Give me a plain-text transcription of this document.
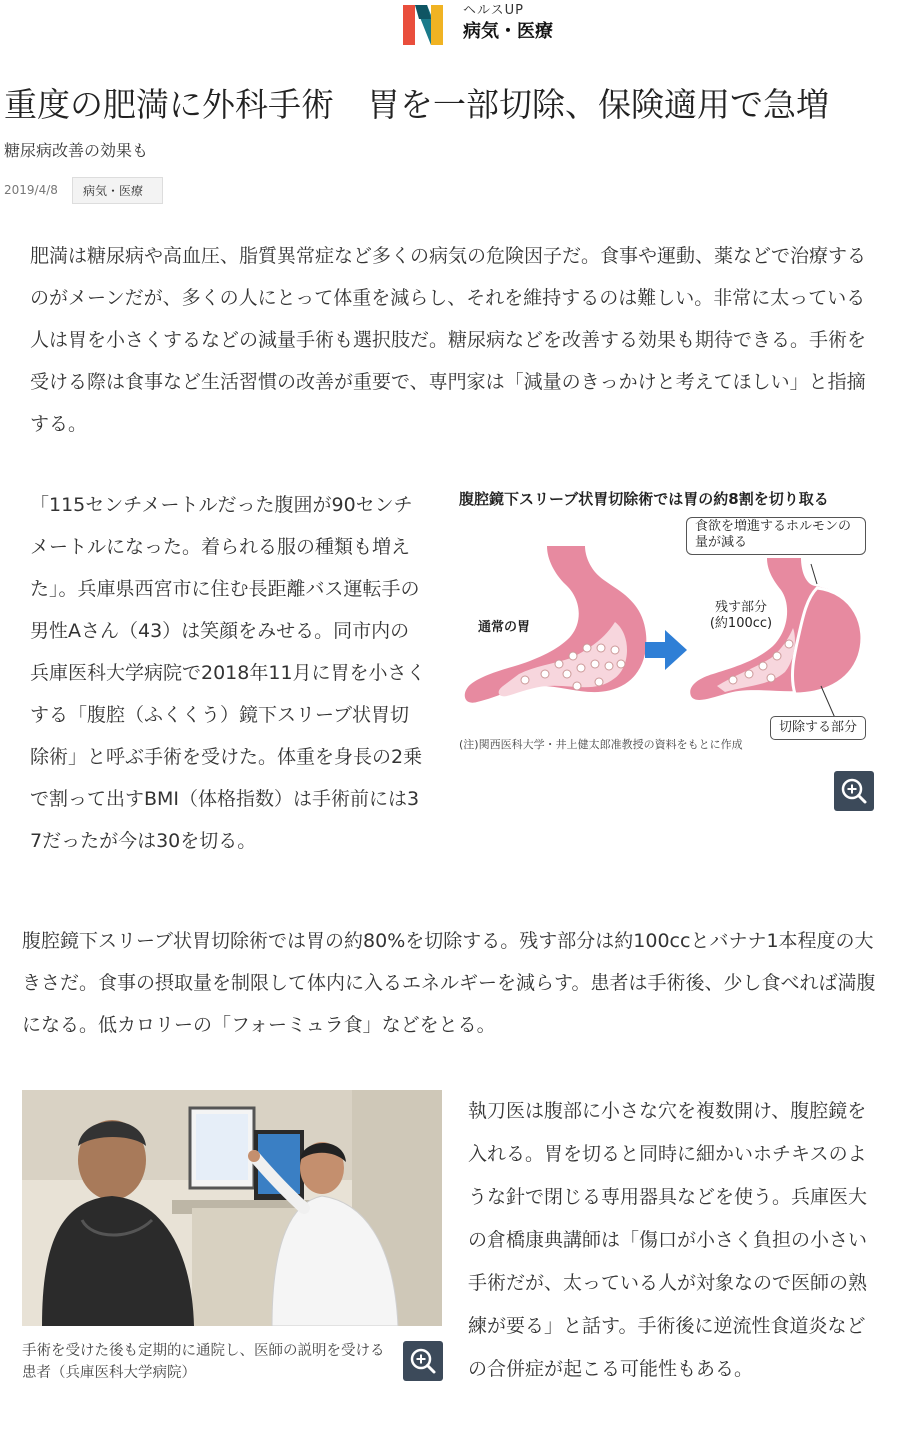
ヘルスUP
病気・医療
重度の肥満に外科手術　胃を一部切除、保険適用で急増
糖尿病改善の効果も
2019/4/8	病気・医療

肥満は糖尿病や高血圧、脂質異常症など多くの病気の危険因子だ。食事や運動、薬などで治療するのがメーンだが、多くの人にとって体重を減らし、それを維持するのは難しい。非常に太っている人は胃を小さくするなどの減量手術も選択肢だ。糖尿病などを改善する効果も期待できる。手術を受ける際は食事など生活習慣の改善が重要で、専門家は「減量のきっかけと考えてほしい」と指摘する。

「115センチメートルだった腹囲が90センチメートルになった。着られる服の種類も増えた」。兵庫県西宮市に住む長距離バス運転手の男性Aさん（43）は笑顔をみせる。同市内の兵庫医科大学病院で2018年11月に胃を小さくする「腹腔（ふくくう）鏡下スリーブ状胃切除術」と呼ぶ手術を受けた。体重を身長の2乗で割って出すBMI（体格指数）は手術前には37だったが今は30を切る。

腹腔鏡下スリーブ状胃切除術では胃の約8割を切り取る
食欲を増進するホルモンの量が減る
通常の胃
残す部分
(約100cc)
切除する部分
(注)関西医科大学・井上健太郎准教授の資料をもとに作成

腹腔鏡下スリーブ状胃切除術では胃の約80%を切除する。残す部分は約100ccとバナナ1本程度の大きさだ。食事の摂取量を制限して体内に入るエネルギーを減らす。患者は手術後、少し食べれば満腹になる。低カロリーの「フォーミュラ食」などをとる。

手術を受けた後も定期的に通院し、医師の説明を受ける患者（兵庫医科大学病院）

執刀医は腹部に小さな穴を複数開け、腹腔鏡を入れる。胃を切ると同時に細かいホチキスのような針で閉じる専用器具などを使う。兵庫医大の倉橋康典講師は「傷口が小さく負担の小さい手術だが、太っている人が対象なので医師の熟練が要る」と話す。手術後に逆流性食道炎などの合併症が起こる可能性もある。
